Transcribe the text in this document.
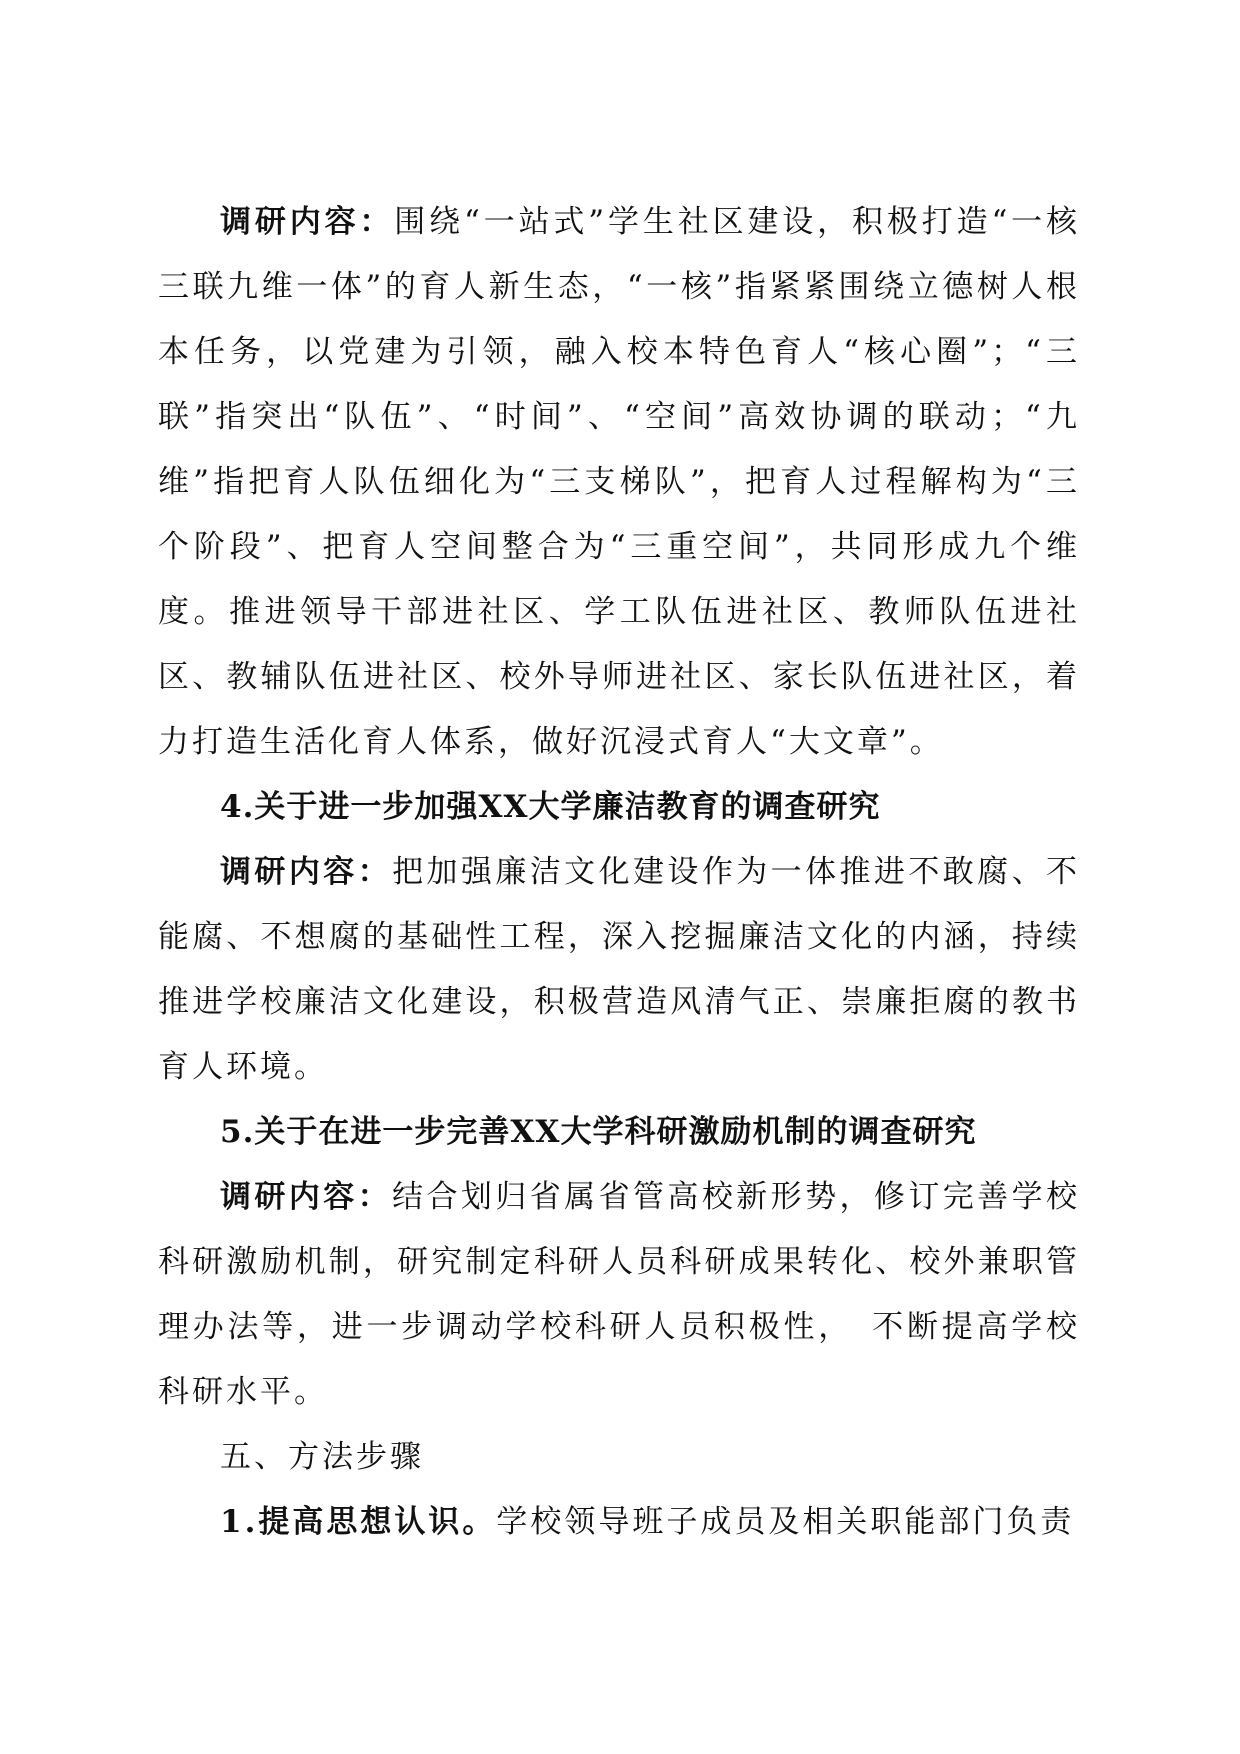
调研内容：围绕“一站式”学生社区建设，积极打造“一核三联九维一体”的育人新生态，“一核”指紧紧围绕立德树人根本任务，以党建为引领，融入校本特色育人“核心圈”；“三联”指突出“队伍”、“时间”、“空间”高效协调的联动；“九维”指把育人队伍细化为“三支梯队”，把育人过程解构为“三个阶段”、把育人空间整合为“三重空间”，共同形成九个维度。推进领导干部进社区、学工队伍进社区、教师队伍进社区、教辅队伍进社区、校外导师进社区、家长队伍进社区，着力打造生活化育人体系，做好沉浸式育人“大文章”。

4.关于进一步加强XX大学廉洁教育的调查研究

调研内容：把加强廉洁文化建设作为一体推进不敢腐、不能腐、不想腐的基础性工程，深入挖掘廉洁文化的内涵，持续推进学校廉洁文化建设，积极营造风清气正、崇廉拒腐的教书育人环境。

5.关于在进一步完善XX大学科研激励机制的调查研究

调研内容：结合划归省属省管高校新形势，修订完善学校科研激励机制，研究制定科研人员科研成果转化、校外兼职管理办法等，进一步调动学校科研人员积极性，　不断提高学校科研水平。

五、方法步骤

1.提高思想认识。学校领导班子成员及相关职能部门负责
